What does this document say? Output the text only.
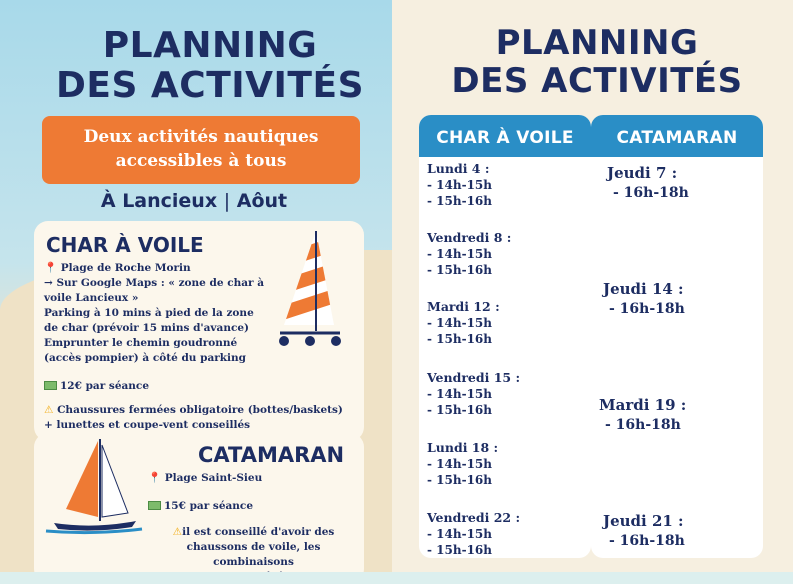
PLANNING
DES ACTIVITÉS
Deux activités nautiques
accessibles à tous
À Lancieux | Aôut
CHAR À VOILE
📍 Plage de Roche Morin
→ Sur Google Maps : « zone de char à
voile Lancieux »
Parking à 10 mins à pied de la zone
de char (prévoir 15 mins d'avance)
Emprunter le chemin goudronné
(accès pompier) à côté du parking
12€ par séance
⚠ Chaussures fermées obligatoire (bottes/baskets)
+ lunettes et coupe-vent conseillés
CATAMARAN
📍 Plage Saint-Sieu
15€ par séance
⚠il est conseillé d'avoir des
chaussons de voile, les combinaisons
PLANNING
DES ACTIVITÉS
CHAR À VOILE
Lundi 4 :
- 14h-15h
- 15h-16h
Vendredi 8 :
- 14h-15h
- 15h-16h
Mardi 12 :
- 14h-15h
- 15h-16h
Vendredi 15 :
- 14h-15h
- 15h-16h
Lundi 18 :
- 14h-15h
- 15h-16h
Vendredi 22 :
- 14h-15h
- 15h-16h
CATAMARAN
Jeudi 7 :
- 16h-18h
Jeudi 14 :
- 16h-18h
Mardi 19 :
- 16h-18h
Jeudi 21 :
- 16h-18h
